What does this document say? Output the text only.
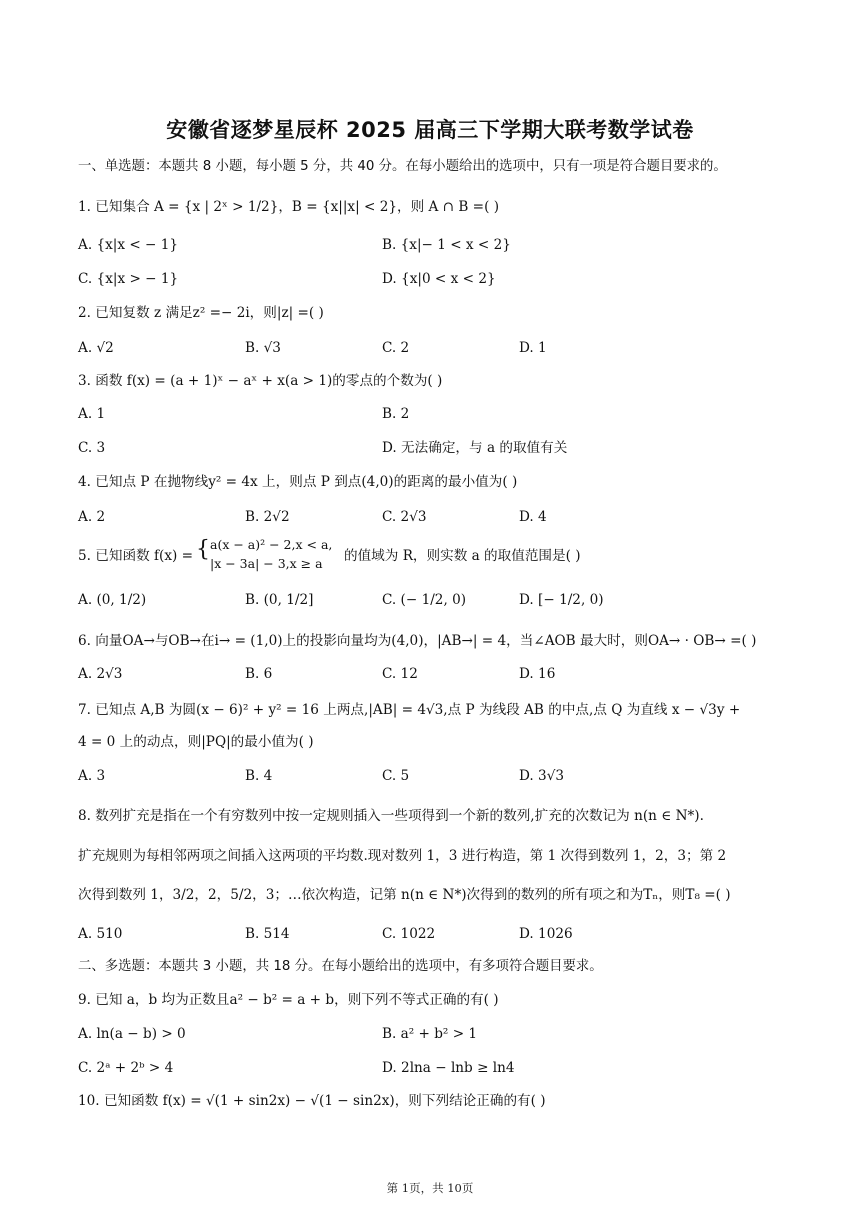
安徽省逐梦星辰杯 2025 届高三下学期大联考数学试卷
一、单选题：本题共 8 小题，每小题 5 分，共 40 分。在每小题给出的选项中，只有一项是符合题目要求的。
1. 已知集合 A = {x | 2ˣ > 1/2}，B = {x||x| < 2}，则 A ∩ B =( )
A. {x|x < − 1}	B. {x|− 1 < x < 2}
C. {x|x > − 1}	D. {x|0 < x < 2}
2. 已知复数 z 满足z² =− 2i，则|z| =( )
A. √2	B. √3	C. 2	D. 1
3. 函数 f(x) = (a + 1)ˣ − aˣ + x(a > 1)的零点的个数为( )
A. 1	B. 2
C. 3	D. 无法确定，与 a 的取值有关
4. 已知点 P 在抛物线y² = 4x 上，则点 P 到点(4,0)的距离的最小值为( )
A. 2	B. 2√2	C. 2√3	D. 4
5. 已知函数 f(x) = { a(x − a)² − 2,x < a,
|x − 3a| − 3,x ≥ a 的值域为 R，则实数 a 的取值范围是( )
A. (0, 1/2)	B. (0, 1/2]	C. (− 1/2, 0)	D. [− 1/2, 0)
6. 向量OA→与OB→在i→ = (1,0)上的投影向量均为(4,0)，|AB→| = 4，当∠AOB 最大时，则OA→ · OB→ =( )
A. 2√3	B. 6	C. 12	D. 16
7. 已知点 A,B 为圆(x − 6)² + y² = 16 上两点,|AB| = 4√3,点 P 为线段 AB 的中点,点 Q 为直线 x − √3y +
4 = 0 上的动点，则|PQ|的最小值为( )
A. 3	B. 4	C. 5	D. 3√3
8. 数列扩充是指在一个有穷数列中按一定规则插入一些项得到一个新的数列,扩充的次数记为 n(n ∈ N*).
扩充规则为每相邻两项之间插入这两项的平均数.现对数列 1，3 进行构造，第 1 次得到数列 1，2，3；第 2
次得到数列 1，3/2，2，5/2，3；…依次构造，记第 n(n ∈ N*)次得到的数列的所有项之和为Tₙ，则T₈ =( )
A. 510	B. 514	C. 1022	D. 1026
二、多选题：本题共 3 小题，共 18 分。在每小题给出的选项中，有多项符合题目要求。
9. 已知 a，b 均为正数且a² − b² = a + b，则下列不等式正确的有( )
A. ln(a − b) > 0	B. a² + b² > 1
C. 2ᵃ + 2ᵇ > 4	D. 2lna − lnb ≥ ln4
10. 已知函数 f(x) = √(1 + sin2x) − √(1 − sin2x)，则下列结论正确的有( )
第 1页，共 10页
